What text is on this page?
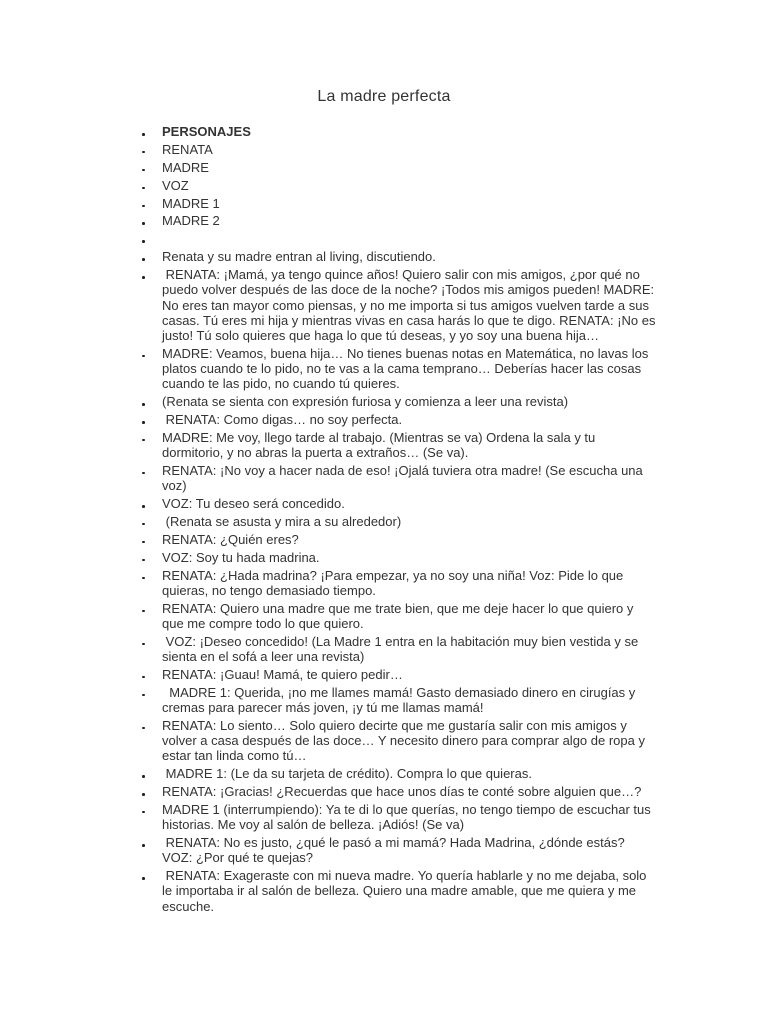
La madre perfecta
PERSONAJES
RENATA
MADRE
VOZ
MADRE 1
MADRE 2
Renata y su madre entran al living, discutiendo.
RENATA: ¡Mamá, ya tengo quince años! Quiero salir con mis amigos, ¿por qué no puedo volver después de las doce de la noche? ¡Todos mis amigos pueden! MADRE: No eres tan mayor como piensas, y no me importa si tus amigos vuelven tarde a sus casas. Tú eres mi hija y mientras vivas en casa harás lo que te digo. RENATA: ¡No es justo! Tú solo quieres que haga lo que tú deseas, y yo soy una buena hija…
MADRE: Veamos, buena hija… No tienes buenas notas en Matemática, no lavas los platos cuando te lo pido, no te vas a la cama temprano… Deberías hacer las cosas cuando te las pido, no cuando tú quieres.
(Renata se sienta con expresión furiosa y comienza a leer una revista)
RENATA: Como digas… no soy perfecta.
MADRE: Me voy, llego tarde al trabajo. (Mientras se va) Ordena la sala y tu dormitorio, y no abras la puerta a extraños… (Se va).
RENATA: ¡No voy a hacer nada de eso! ¡Ojalá tuviera otra madre! (Se escucha una voz)
VOZ: Tu deseo será concedido.
(Renata se asusta y mira a su alrededor)
RENATA: ¿Quién eres?
VOZ: Soy tu hada madrina.
RENATA: ¿Hada madrina? ¡Para empezar, ya no soy una niña! Voz: Pide lo que quieras, no tengo demasiado tiempo.
RENATA: Quiero una madre que me trate bien, que me deje hacer lo que quiero y que me compre todo lo que quiero.
VOZ: ¡Deseo concedido! (La Madre 1 entra en la habitación muy bien vestida y se sienta en el sofá a leer una revista)
RENATA: ¡Guau! Mamá, te quiero pedir…
MADRE 1: Querida, ¡no me llames mamá! Gasto demasiado dinero en cirugías y cremas para parecer más joven, ¡y tú me llamas mamá!
RENATA: Lo siento… Solo quiero decirte que me gustaría salir con mis amigos y volver a casa después de las doce… Y necesito dinero para comprar algo de ropa y estar tan linda como tú…
MADRE 1: (Le da su tarjeta de crédito). Compra lo que quieras.
RENATA: ¡Gracias! ¿Recuerdas que hace unos días te conté sobre alguien que…?
MADRE 1 (interrumpiendo): Ya te di lo que querías, no tengo tiempo de escuchar tus historias. Me voy al salón de belleza. ¡Adiós! (Se va)
RENATA: No es justo, ¿qué le pasó a mi mamá? Hada Madrina, ¿dónde estás? VOZ: ¿Por qué te quejas?
RENATA: Exageraste con mi nueva madre. Yo quería hablarle y no me dejaba, solo le importaba ir al salón de belleza. Quiero una madre amable, que me quiera y me escuche.
